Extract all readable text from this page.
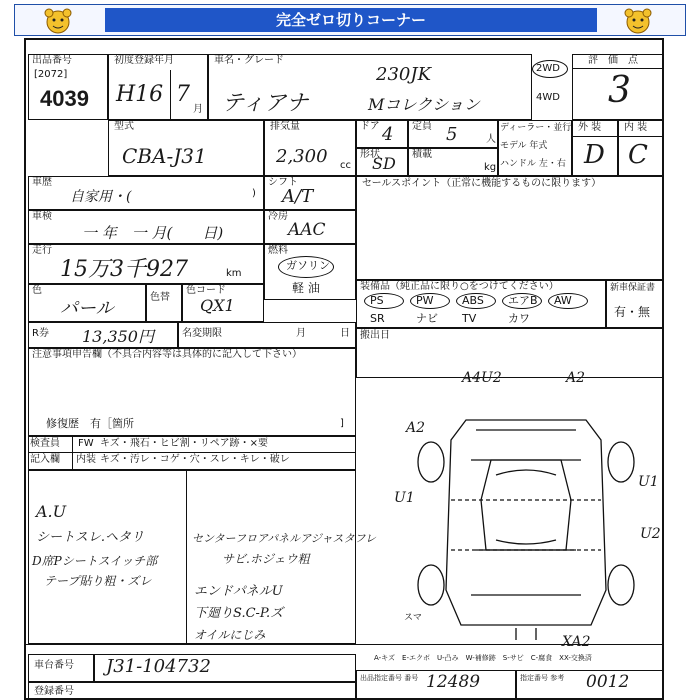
完全ゼロ切りコーナー
出品番号
[2072]
4039
初度登録年月
H16 7
月
車名・グレード
ティアナ
230JK
Mコレクション
2WD
4WD
評　価　点
3
型式
CBA-J31
排気量
2,300 cc
ドア 4 定員 5	人
形状
SD 積載
kg
ディーラー・並行
モデル 年式
ハンドル 左・右
外 装
D
内 装
C
車歴
自家用・(	)
シフト
A/T
セールスポイント（正常に機能するものに限ります）
車検
一 年　一 月(　　日)
冷房
AAC
走行
15万3千927	km
燃料
ガソリン
軽 油	装備品（純正品に限り○をつけてください）	新車保証書
有・無
色
パール
色替
色コード
QX1
R券 13,350円	名変期限	月	日 搬出日
注意事項申告欄（不具合内容等は具体的に記入して下さい）
修復歴　有［箇所	]
検査員
記入欄
FW キズ・飛石・ヒビ割・リペア跡・×要
内装 キズ・汚レ・コゲ・穴・スレ・キレ・破レ
A.U
シートスレ.ヘタリ
D席Pシートスイッチ部
テープ貼り粗・ズレ
センターフロアパネルアジャスタフレ
サビ.ホジェウ粗
エンドパネルU
下廻りS.C-P.ズ
オイルにじみ
A4U2	A2
A2
U1
U1
U2
XA2
スマ
A-キズ　E-エクボ　U-凸み　W-補修跡　S-サビ　C-腐食　XX-交換済
車台番号 J31-104732
登録番号
出品指定番号 番号 12489	指定番号 参考 0012
PS	PW	ABS エアB AW
SR	ナビ TV	カワ
